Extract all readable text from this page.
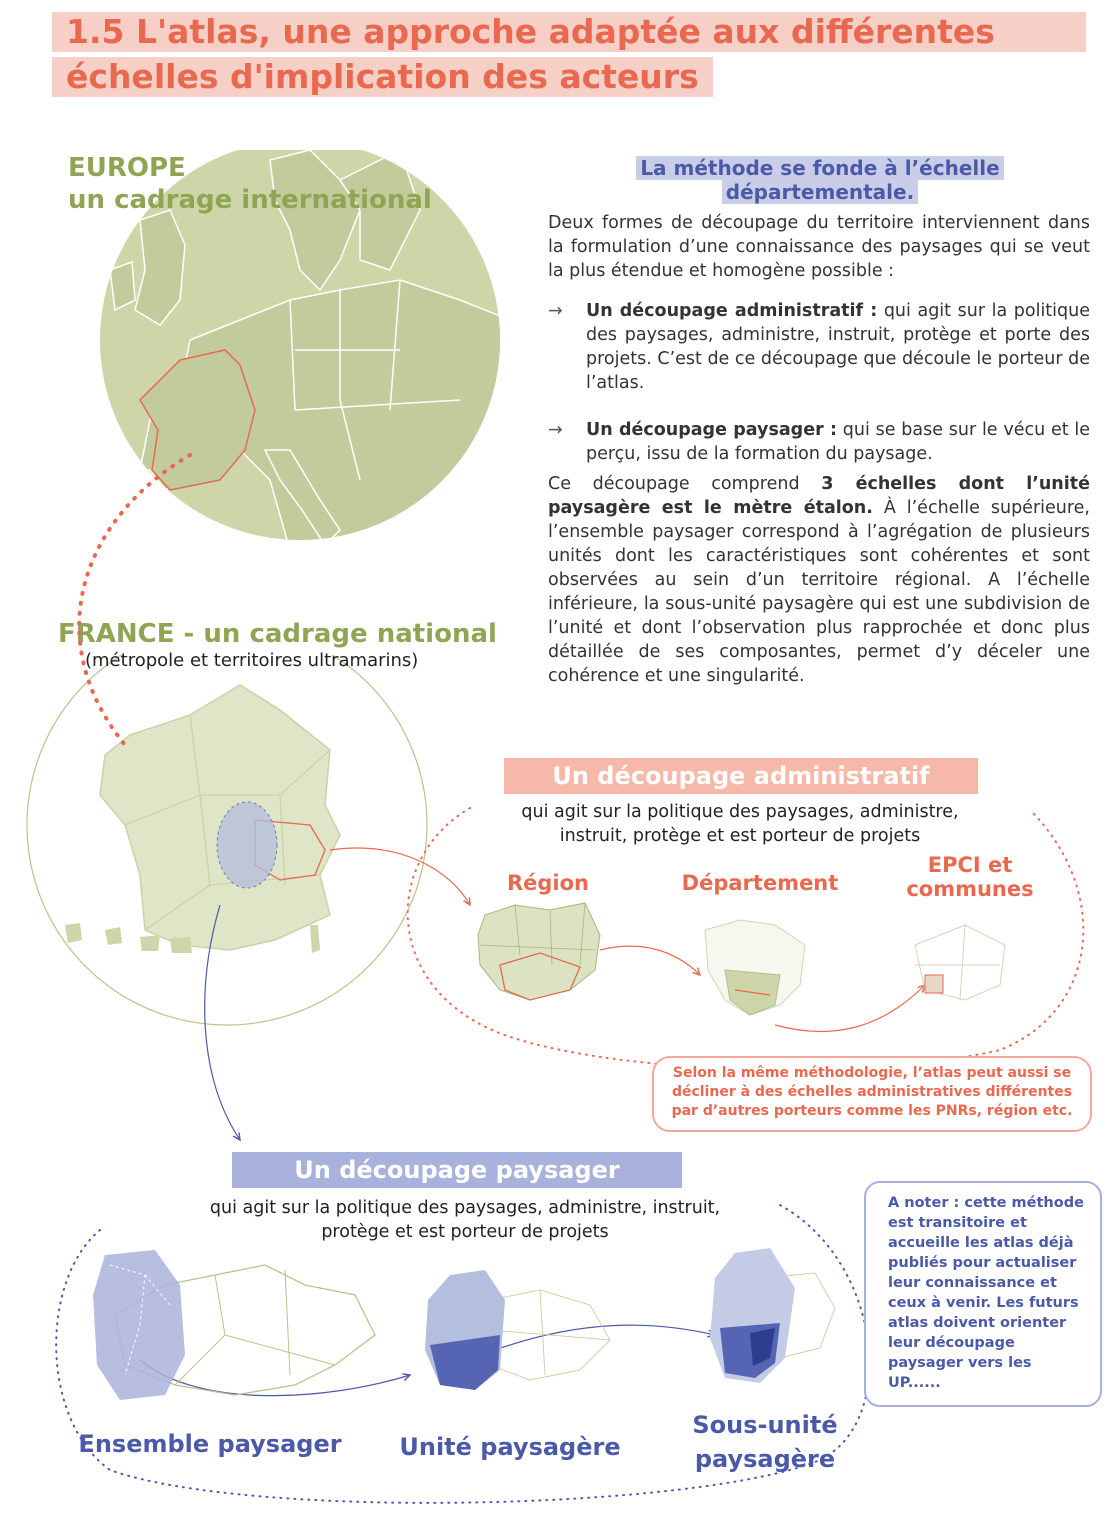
1.5 L'atlas, une approche adaptée aux différentes
échelles d'implication des acteurs
EUROPE
un cadrage international
FRANCE - un cadrage national
(métropole et territoires ultramarins)
La méthode se fonde à l’échelle
départementale.
Deux formes de découpage du territoire interviennent dans la formulation d’une connaissance des paysages qui se veut la plus étendue et homogène possible :
→ Un découpage administratif : qui agit sur la politique des paysages, administre, instruit, protège et porte des projets. C’est de ce découpage que découle le porteur de l’atlas.
→ Un découpage paysager : qui se base sur le vécu et le perçu, issu de la formation du paysage.
Ce découpage comprend 3 échelles dont l’unité paysagère est le mètre étalon. À l’échelle supérieure, l’ensemble paysager correspond à l’agrégation de plusieurs unités dont les caractéristiques sont cohérentes et sont observées au sein d’un territoire régional. A l’échelle inférieure, la sous-unité paysagère qui est une subdivision de l’unité et dont l’observation plus rapprochée et donc plus détaillée de ses composantes, permet d’y déceler une cohérence et une singularité.
Un découpage administratif
qui agit sur la politique des paysages, administre,
instruit, protège et est porteur de projets
Région	Département
EPCI et
communes
Selon la même méthodologie, l’atlas peut aussi se décliner à des échelles administratives différentes par d’autres porteurs comme les PNRs, région etc.
Un découpage paysager
qui agit sur la politique des paysages, administre, instruit,
protège et est porteur de projets
Ensemble paysager	Unité paysagère
Sous-unité
paysagère
A noter : cette méthode est transitoire et accueille les atlas déjà publiés pour actualiser leur connaissance et ceux à venir. Les futurs atlas doivent orienter leur découpage paysager vers les UP......
